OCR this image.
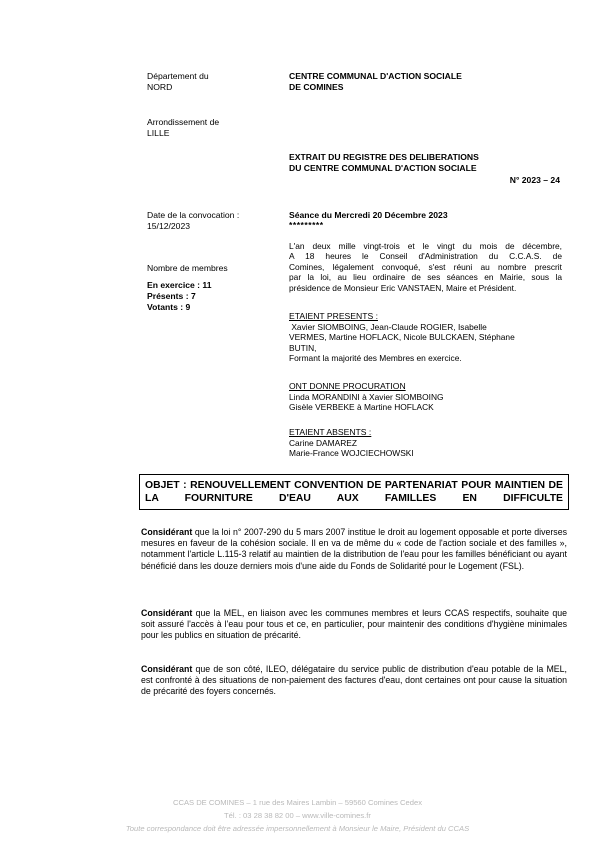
Département du
NORD
Arrondissement de
LILLE
Date de la convocation :
15/12/2023
Nombre de membres
En exercice : 11
Présents : 7
Votants : 9
CENTRE COMMUNAL D'ACTION SOCIALE
DE COMINES
EXTRAIT DU REGISTRE DES DELIBERATIONS
DU CENTRE COMMUNAL D'ACTION SOCIALE
N° 2023 – 24
Séance du Mercredi 20 Décembre 2023
*********
L'an deux mille vingt-trois et le vingt du mois de décembre,
A 18 heures le Conseil d'Administration du C.C.A.S. de
Comines, légalement convoqué, s'est réuni au nombre prescrit
par la loi, au lieu ordinaire de ses séances en Mairie, sous la
présidence de Monsieur Eric VANSTAEN, Maire et Président.
ETAIENT PRESENTS :
Xavier SIOMBOING, Jean-Claude ROGIER, Isabelle
VERMES, Martine HOFLACK, Nicole BULCKAEN, Stéphane
BUTIN,
Formant la majorité des Membres en exercice.
ONT DONNE PROCURATION
Linda MORANDINI à Xavier SIOMBOING
Gisèle VERBEKE à Martine HOFLACK
ETAIENT ABSENTS :
Carine DAMAREZ
Marie-France WOJCIECHOWSKI
OBJET : RENOUVELLEMENT CONVENTION DE PARTENARIAT POUR MAINTIEN DE LA FOURNITURE D'EAU AUX FAMILLES EN DIFFICULTE
Considérant que la loi n° 2007-290 du 5 mars 2007 institue le droit au logement opposable et porte diverses mesures en faveur de la cohésion sociale. Il en va de même du « code de l'action sociale et des familles », notamment l'article L.115-3 relatif au maintien de la distribution de l'eau pour les familles bénéficiant ou ayant bénéficié dans les douze derniers mois d'une aide du Fonds de Solidarité pour le Logement (FSL).
Considérant que la MEL, en liaison avec les communes membres et leurs CCAS respectifs, souhaite que soit assuré l'accès à l'eau pour tous et ce, en particulier, pour maintenir des conditions d'hygiène minimales pour les publics en situation de précarité.
Considérant que de son côté, ILEO, délégataire du service public de distribution d'eau potable de la MEL, est confronté à des situations de non-paiement des factures d'eau, dont certaines ont pour cause la situation de précarité des foyers concernés.
CCAS DE COMINES – 1 rue des Maires Lambin – 59560 Comines Cedex
Tél. : 03 28 38 82 00 – www.ville-comines.fr
Toute correspondance doit être adressée impersonnellement à Monsieur le Maire, Président du CCAS
